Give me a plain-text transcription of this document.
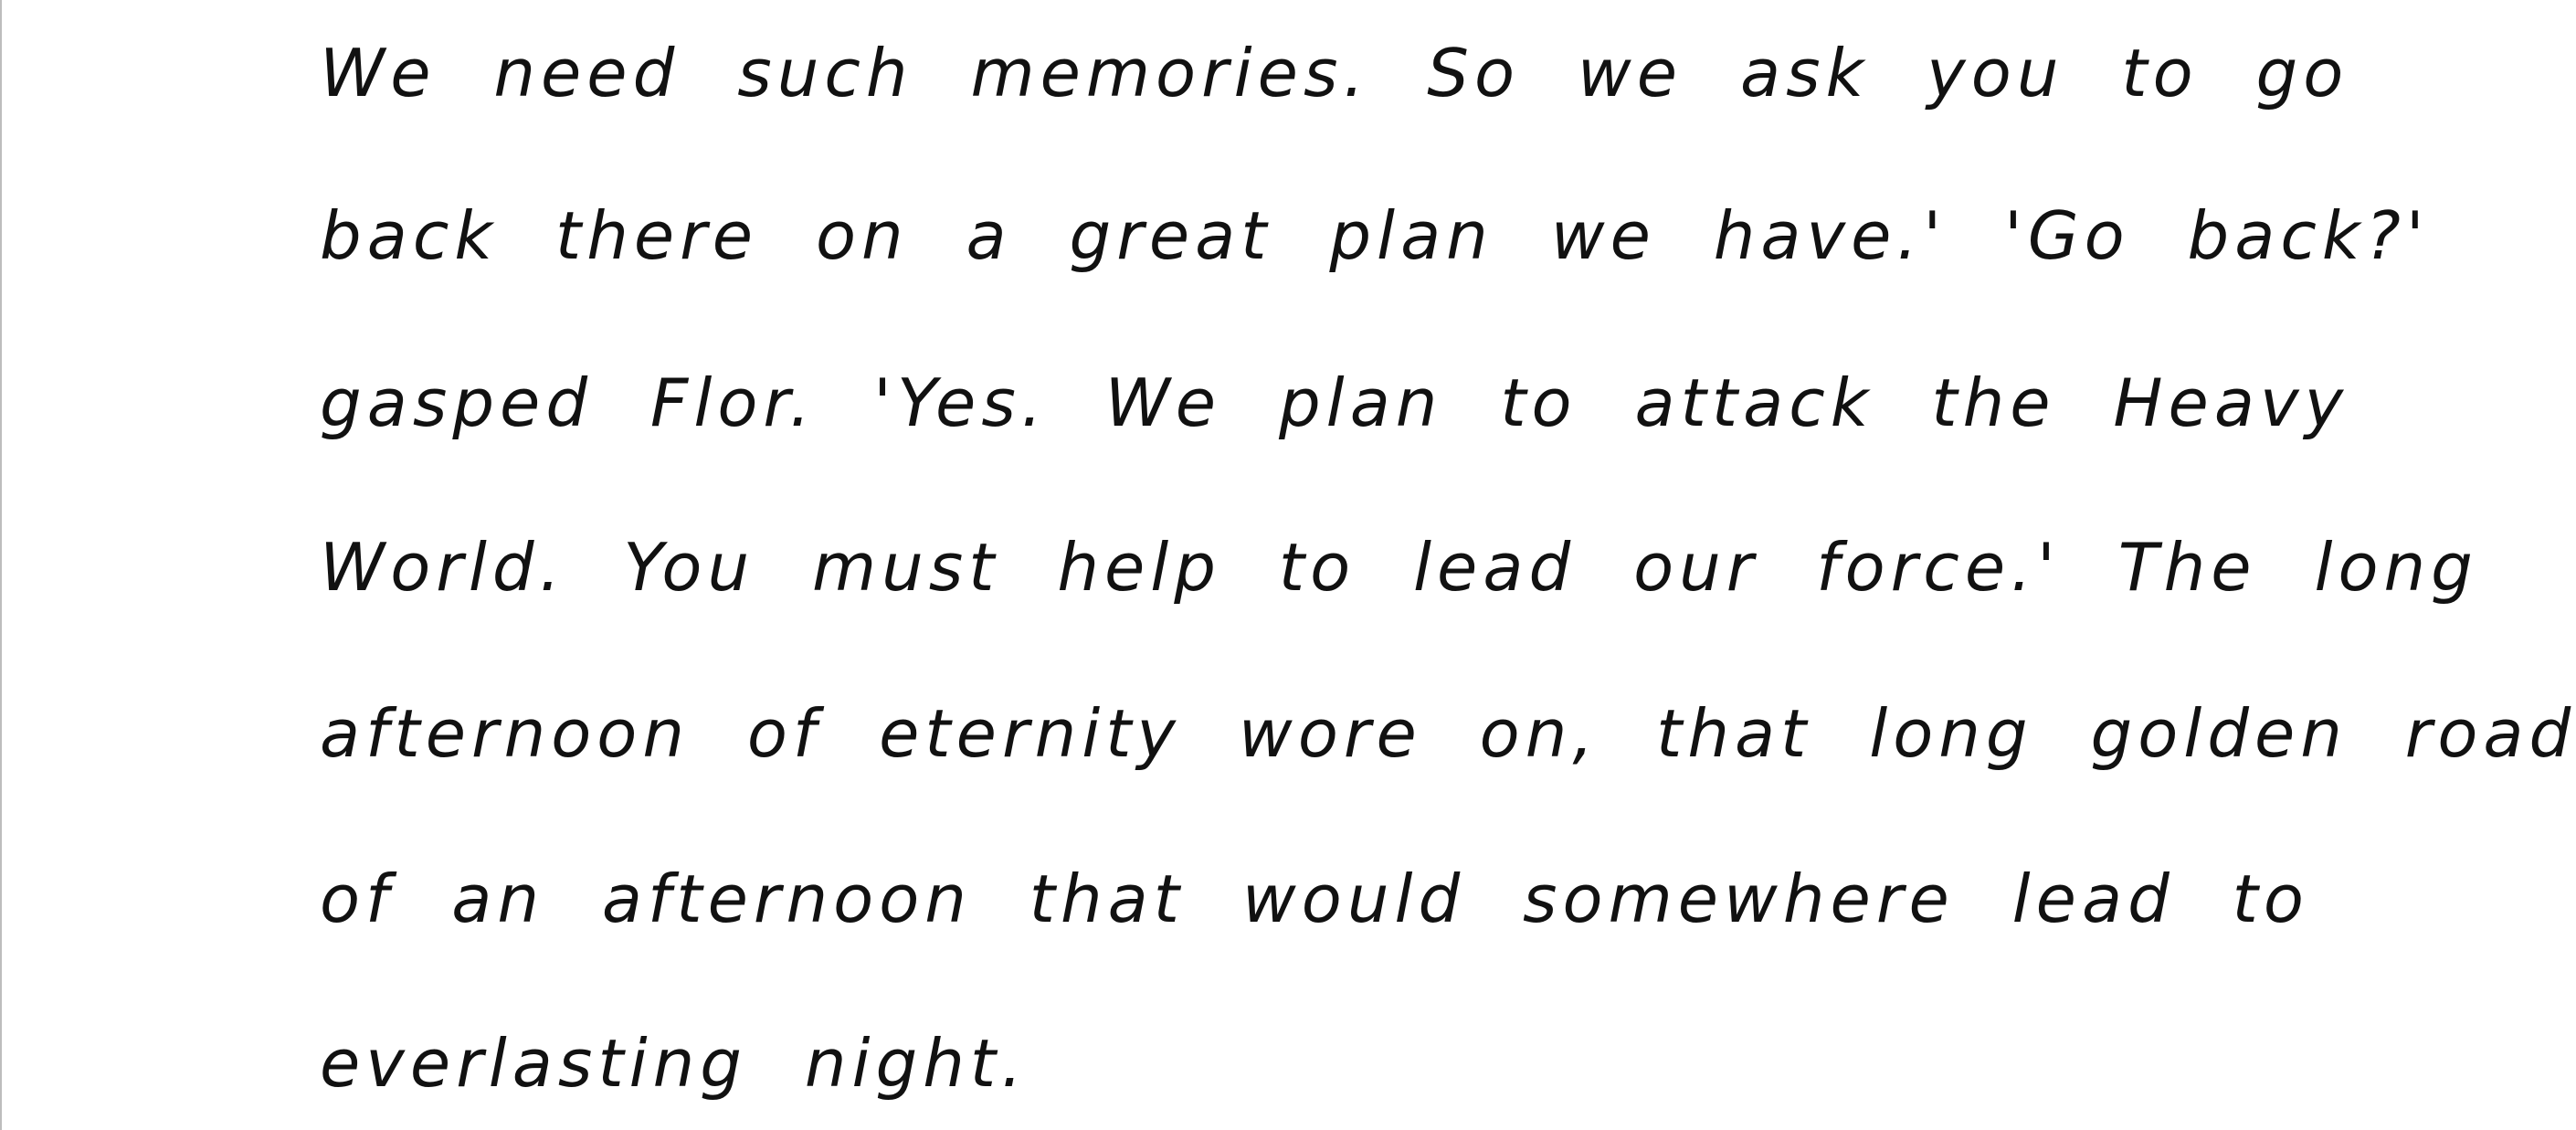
We need such memories. So we ask you to go
back there on a great plan we have.' 'Go back?'
gasped Flor. 'Yes. We plan to attack the Heavy
World. You must help to lead our force.' The long
afternoon of eternity wore on, that long golden road
of an afternoon that would somewhere lead to
everlasting night.
